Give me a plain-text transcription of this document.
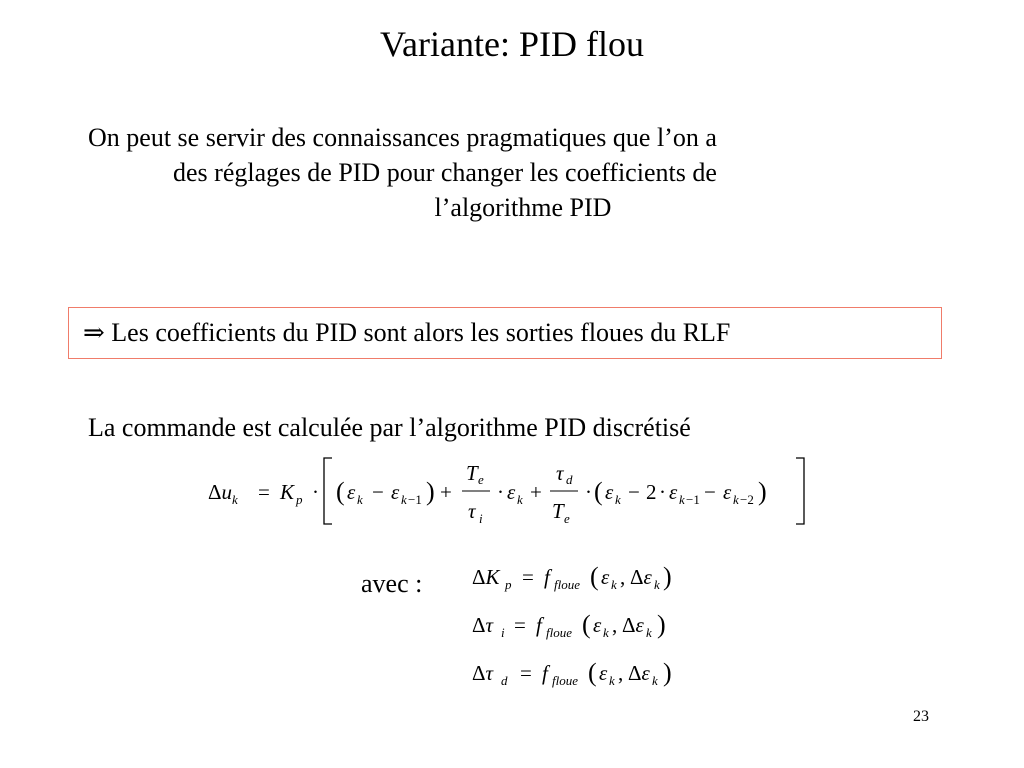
Variante: PID flou
On peut se servir des connaissances pragmatiques que l’on a
des réglages de PID pour changer les coefficients de
l’algorithme PID
⇒ Les coefficients du PID sont alors les sorties floues du RLF
La commande est calculée par l’algorithme PID discrétisé
$\Delta u_k = K$ p · ( ε k − ε k −1 ) +
T e
τ i
· ε k +
τ d
T e
· ( ε k − 2 · ε k −1 − ε k −2 )
avec : ΔK p = f floue ( ε k , Δε k )
Δτ i = f floue ( ε k , Δε k )
Δτ d = f floue ( ε k , Δε k )
23
